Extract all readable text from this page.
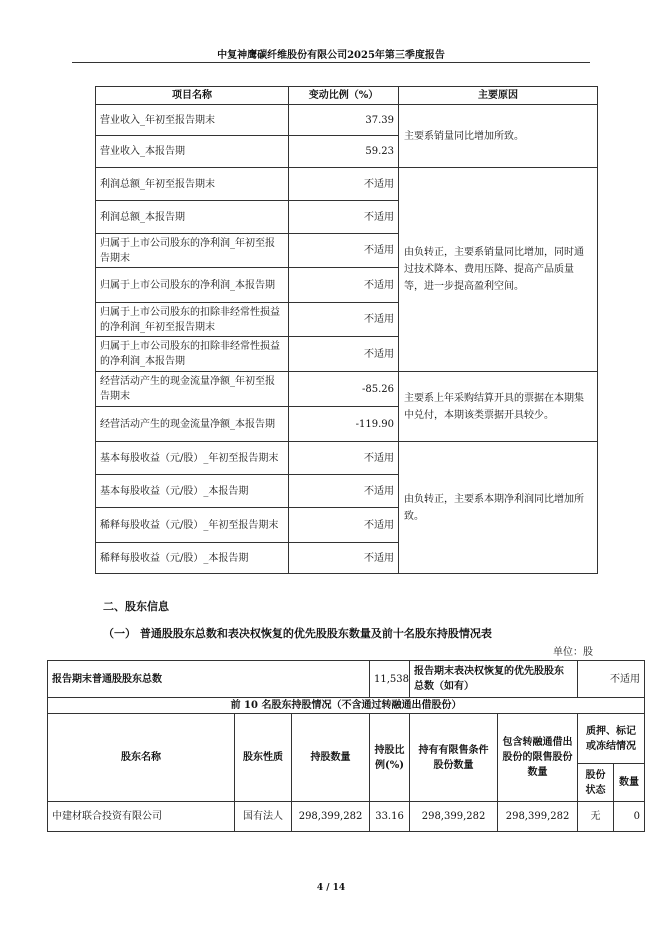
中复神鹰碳纤维股份有限公司2025年第三季度报告
项目名称	变动比例（%）	主要原因
营业收入_年初至报告期末	37.39	主要系销量同比增加所致。
营业收入_本报告期	59.23	
利润总额_年初至报告期末	不适用	由负转正，主要系销量同比增加，同时通过技术降本、费用压降、提高产品质量等，进一步提高盈利空间。
利润总额_本报告期	不适用	
归属于上市公司股东的净利润_年初至报告期末	不适用	
归属于上市公司股东的净利润_本报告期	不适用	
归属于上市公司股东的扣除非经常性损益的净利润_年初至报告期末	不适用	
归属于上市公司股东的扣除非经常性损益的净利润_本报告期	不适用	
经营活动产生的现金流量净额_年初至报告期末	-85.26	主要系上年采购结算开具的票据在本期集中兑付，本期该类票据开具较少。
经营活动产生的现金流量净额_本报告期	-119.90	
基本每股收益（元/股）_年初至报告期末	不适用	由负转正，主要系本期净利润同比增加所致。
基本每股收益（元/股）_本报告期	不适用	
稀释每股收益（元/股）_年初至报告期末	不适用	
稀释每股收益（元/股）_本报告期	不适用	
二、股东信息
（一） 普通股股东总数和表决权恢复的优先股股东数量及前十名股东持股情况表
单位：股
报告期末普通股股东总数			11,538	报告期末表决权恢复的优先股股东总数（如有）		不适用	
前 10 名股东持股情况（不含通过转融通出借股份）							
股东名称	股东性质	持股数量	持股比例(%)	持有有限售条件股份数量	包含转融通借出股份的限售股份数量	质押、标记或冻结情况	
						股份状态	数量
中建材联合投资有限公司	国有法人	298,399,282	33.16	298,399,282	298,399,282	无	0
4 / 14
